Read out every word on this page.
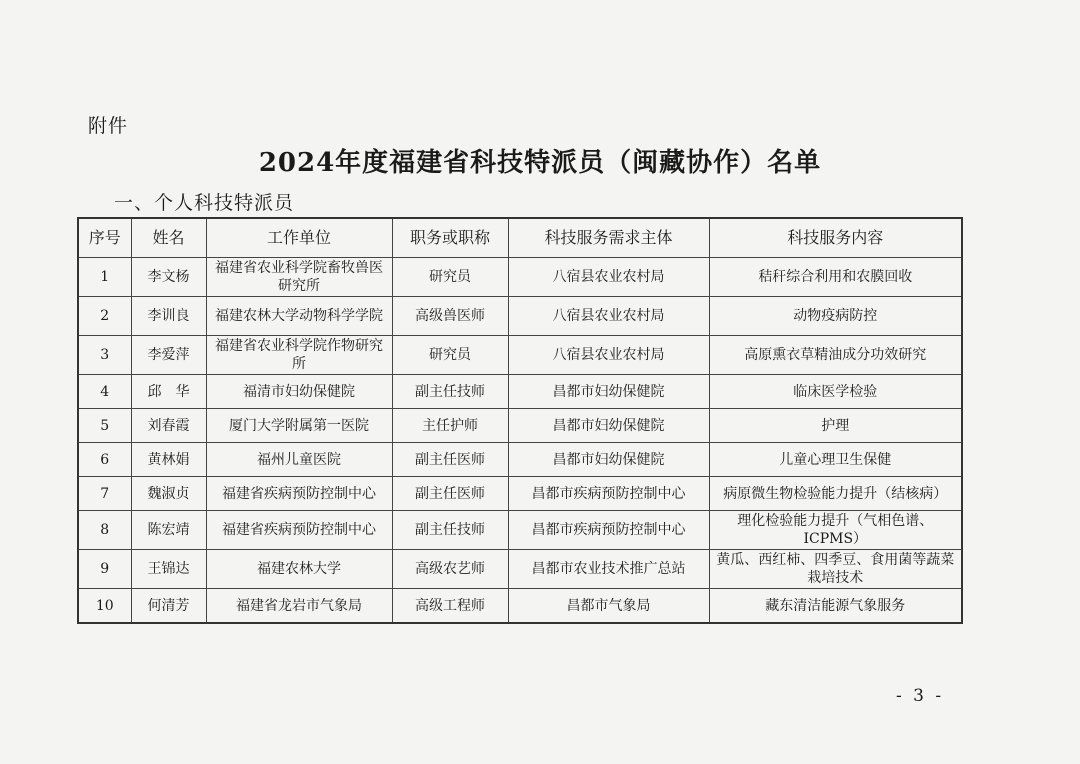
附件
2024年度福建省科技特派员（闽藏协作）名单
一、个人科技特派员
序号	姓名	工作单位	职务或职称	科技服务需求主体	科技服务内容
1	李文杨	福建省农业科学院畜牧兽医研究所	研究员	八宿县农业农村局	秸秆综合利用和农膜回收
2	李训良	福建农林大学动物科学学院	高级兽医师	八宿县农业农村局	动物疫病防控
3	李爱萍	福建省农业科学院作物研究所	研究员	八宿县农业农村局	高原熏衣草精油成分功效研究
4	邱　华	福清市妇幼保健院	副主任技师	昌都市妇幼保健院	临床医学检验
5	刘春霞	厦门大学附属第一医院	主任护师	昌都市妇幼保健院	护理
6	黄林娟	福州儿童医院	副主任医师	昌都市妇幼保健院	儿童心理卫生保健
7	魏淑贞	福建省疾病预防控制中心	副主任医师	昌都市疾病预防控制中心	病原微生物检验能力提升（结核病）
8	陈宏靖	福建省疾病预防控制中心	副主任技师	昌都市疾病预防控制中心	理化检验能力提升（气相色谱、ICPMS）
9	王锦达	福建农林大学	高级农艺师	昌都市农业技术推广总站	黄瓜、西红柿、四季豆、食用菌等蔬菜栽培技术
10	何清芳	福建省龙岩市气象局	高级工程师	昌都市气象局	藏东清洁能源气象服务
- 3 -
